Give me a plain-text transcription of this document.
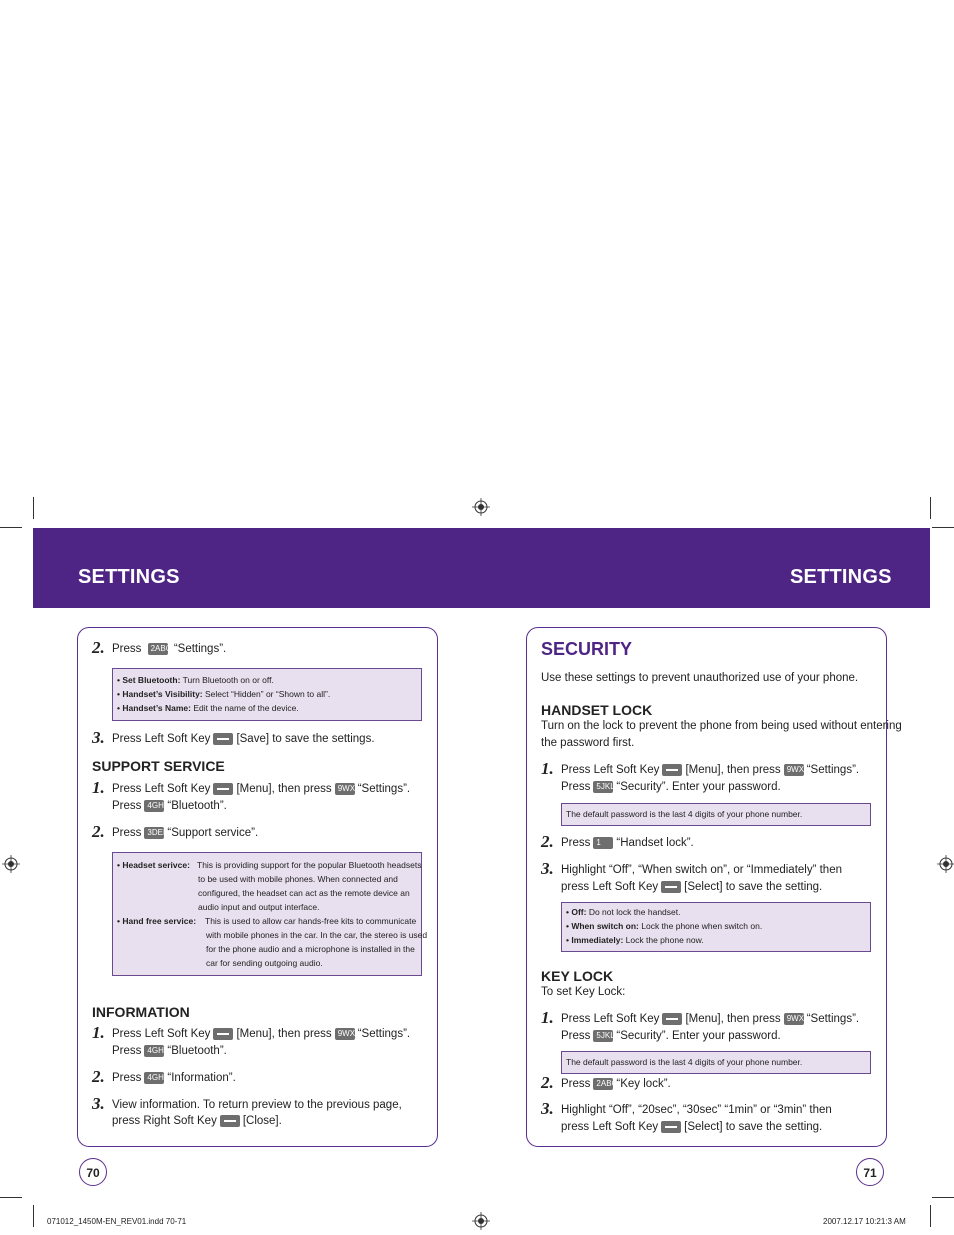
SETTINGS	SETTINGS
2. Press 2ABC “Settings”.
• Set Bluetooth: Turn Bluetooth on or off.
• Handset’s Visibility: Select “Hidden” or “Shown to all”.
• Handset’s Name: Edit the name of the device.
3. Press Left Soft Key [Save] to save the settings.
SUPPORT SERVICE
1. Press Left Soft Key [Menu], then press 9WXYZ“Settings”.
Press 4GHI“Bluetooth”.
2. Press 3DEF“Support service”.
• Headset serivce: This is providing support for the popular Bluetooth headsets
to be used with mobile phones. When connected and
configured, the headset can act as the remote device an
audio input and output interface.
• Hand free service: This is used to allow car hands-free kits to communicate
with mobile phones in the car. In the car, the stereo is used
for the phone audio and a microphone is installed in the
car for sending outgoing audio.
INFORMATION
1. Press Left Soft Key [Menu], then press 9WXYZ“Settings”.
Press 4GHI“Bluetooth”.
2. Press 4GHI“Information”.
3. View information. To return preview to the previous page,
press Right Soft Key [Close].
70
SECURITY
Use these settings to prevent unauthorized use of your phone.
HANDSET LOCK
Turn on the lock to prevent the phone from being used without entering
the password first.
1. Press Left Soft Key [Menu], then press 9WXYZ“Settings”.
Press 5JKL “Security”. Enter your password.
The default password is the last 4 digits of your phone number.
2. Press 1 “Handset lock”.
3. Highlight “Off”, “When switch on”, or “Immediately” then
press Left Soft Key [Select] to save the setting.
• Off: Do not lock the handset.
• When switch on: Lock the phone when switch on.
• Immediately: Lock the phone now.
KEY LOCK
To set Key Lock:
1. Press Left Soft Key [Menu], then press 9WXYZ“Settings”.
Press 5JKL “Security”. Enter your password.
The default password is the last 4 digits of your phone number.
2. Press 2ABC“Key lock”.
3. Highlight “Off”, “20sec”, “30sec” “1min” or “3min” then
press Left Soft Key [Select] to save the setting.
71
071012_1450M-EN_REV01.indd 70-71	2007.12.17 10:21:3 AM
